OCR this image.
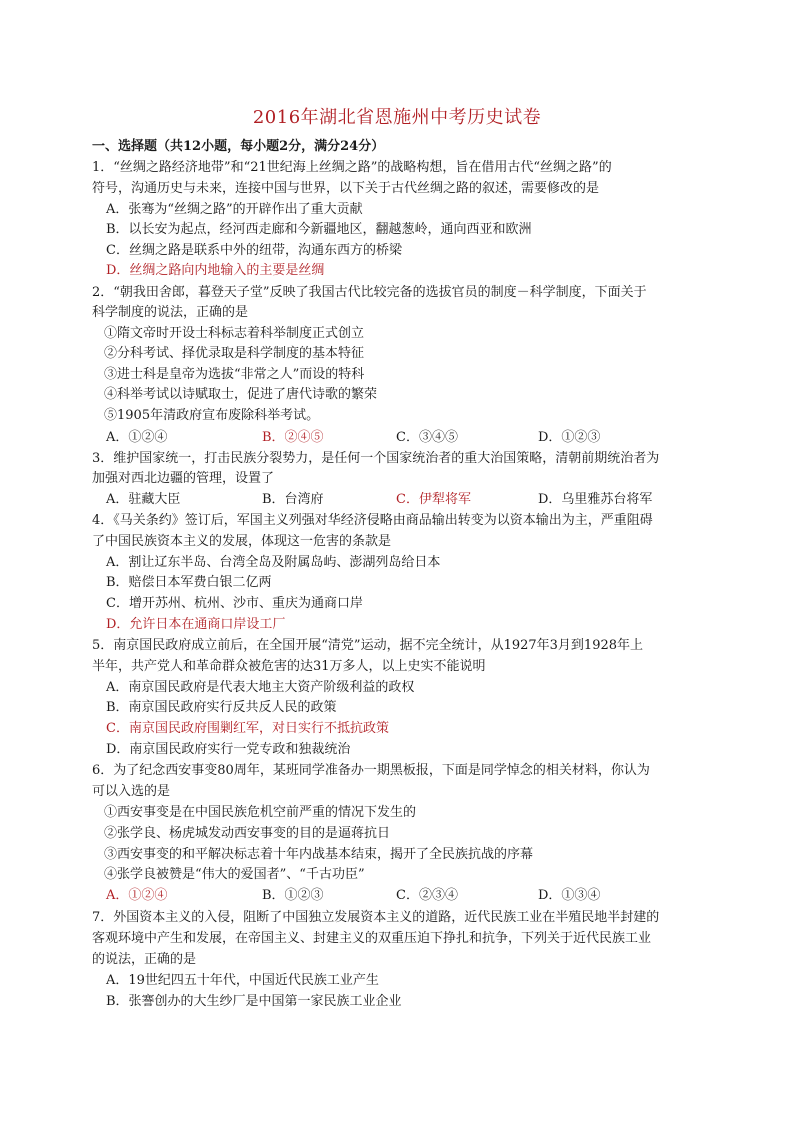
2016年湖北省恩施州中考历史试卷
一、选择题（共12小题，每小题2分，满分24分）
1．“丝绸之路经济地带”和“21世纪海上丝绸之路”的战略构想，旨在借用古代“丝绸之路”的
符号，沟通历史与未来，连接中国与世界，以下关于古代丝绸之路的叙述，需要修改的是
A．张骞为“丝绸之路”的开辟作出了重大贡献
B．以长安为起点，经河西走廊和今新疆地区，翻越葱岭，通向西亚和欧洲
C．丝绸之路是联系中外的纽带，沟通东西方的桥梁
D．丝绸之路向内地输入的主要是丝绸
2．“朝我田舍郎，暮登天子堂”反映了我国古代比较完备的选拔官员的制度－科学制度，下面关于
科学制度的说法，正确的是
①隋文帝时开设士科标志着科举制度正式创立
②分科考试、择优录取是科学制度的基本特征
③进士科是皇帝为选拔“非常之人”而设的特科
④科举考试以诗赋取士，促进了唐代诗歌的繁荣
⑤1905年清政府宣布废除科举考试。
A．①②④	B．②④⑤	C．③④⑤	D．①②③
3．维护国家统一，打击民族分裂势力，是任何一个国家统治者的重大治国策略，清朝前期统治者为
加强对西北边疆的管理，设置了
A．驻藏大臣	B．台湾府	C．伊犁将军	D．乌里雅苏台将军
4．《马关条约》签订后，军国主义列强对华经济侵略由商品输出转变为以资本输出为主，严重阻碍
了中国民族资本主义的发展，体现这一危害的条款是
A．割让辽东半岛、台湾全岛及附属岛屿、澎湖列岛给日本
B．赔偿日本军费白银二亿两
C．增开苏州、杭州、沙市、重庆为通商口岸
D．允许日本在通商口岸设工厂
5．南京国民政府成立前后，在全国开展“清党”运动，据不完全统计，从1927年3月到1928年上
半年，共产党人和革命群众被危害的达31万多人，以上史实不能说明
A．南京国民政府是代表大地主大资产阶级利益的政权
B．南京国民政府实行反共反人民的政策
C．南京国民政府围剿红军，对日实行不抵抗政策
D．南京国民政府实行一党专政和独裁统治
6．为了纪念西安事变80周年，某班同学准备办一期黑板报，下面是同学悼念的相关材料，你认为
可以入选的是
①西安事变是在中国民族危机空前严重的情况下发生的
②张学良、杨虎城发动西安事变的目的是逼蒋抗日
③西安事变的和平解决标志着十年内战基本结束，揭开了全民族抗战的序幕
④张学良被赞是“伟大的爱国者”、“千古功臣”
A．①②④	B．①②③	C．②③④	D．①③④
7．外国资本主义的入侵，阻断了中国独立发展资本主义的道路，近代民族工业在半殖民地半封建的
客观环境中产生和发展，在帝国主义、封建主义的双重压迫下挣扎和抗争，下列关于近代民族工业
的说法，正确的是
A．19世纪四五十年代，中国近代民族工业产生
B．张謇创办的大生纱厂是中国第一家民族工业企业
